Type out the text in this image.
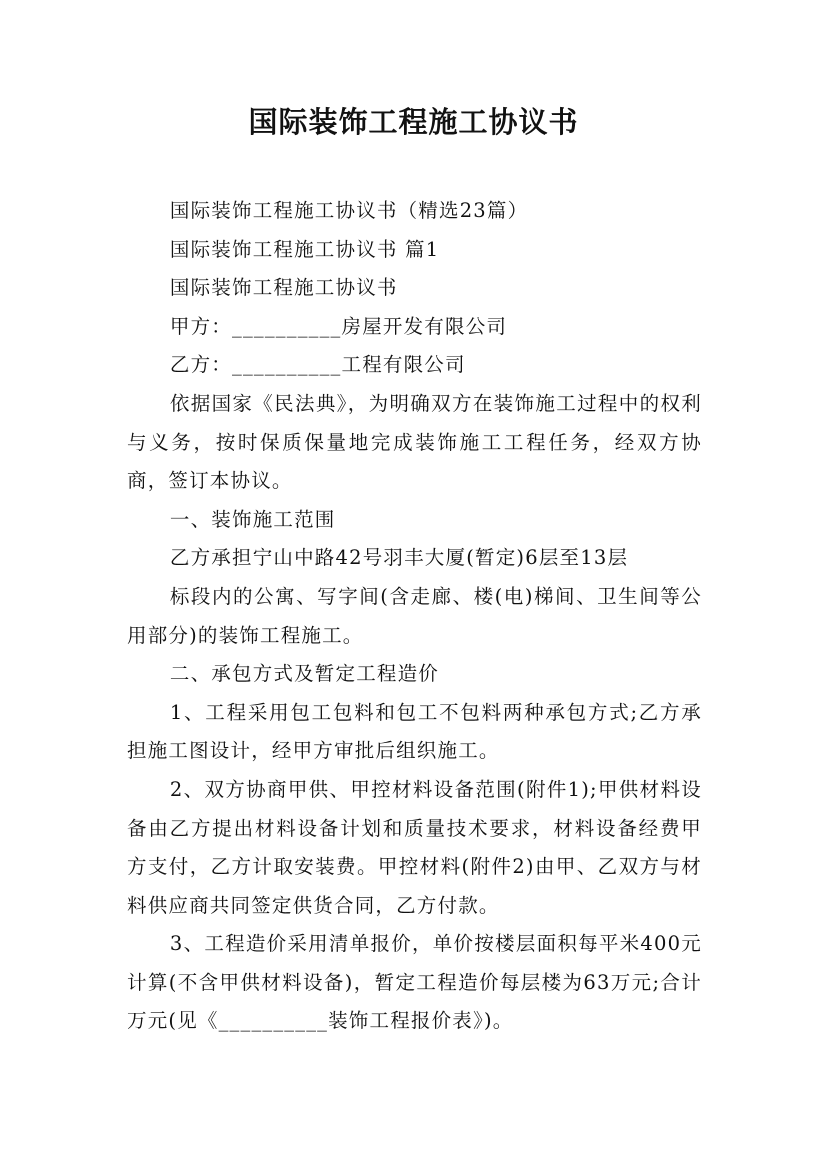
国际装饰工程施工协议书

国际装饰工程施工协议书（精选23篇）

国际装饰工程施工协议书 篇1

国际装饰工程施工协议书

甲方：__________房屋开发有限公司

乙方：__________工程有限公司

依据国家《民法典》，为明确双方在装饰施工过程中的权利与义务，按时保质保量地完成装饰施工工程任务，经双方协商，签订本协议。

一、装饰施工范围

乙方承担宁山中路42号羽丰大厦(暂定)6层至13层

标段内的公寓、写字间(含走廊、楼(电)梯间、卫生间等公用部分)的装饰工程施工。

二、承包方式及暂定工程造价

1、工程采用包工包料和包工不包料两种承包方式;乙方承担施工图设计，经甲方审批后组织施工。

2、双方协商甲供、甲控材料设备范围(附件1);甲供材料设备由乙方提出材料设备计划和质量技术要求，材料设备经费甲方支付，乙方计取安装费。甲控材料(附件2)由甲、乙双方与材料供应商共同签定供货合同，乙方付款。

3、工程造价采用清单报价，单价按楼层面积每平米400元计算(不含甲供材料设备)，暂定工程造价每层楼为63万元;合计万元(见《__________装饰工程报价表》)。
